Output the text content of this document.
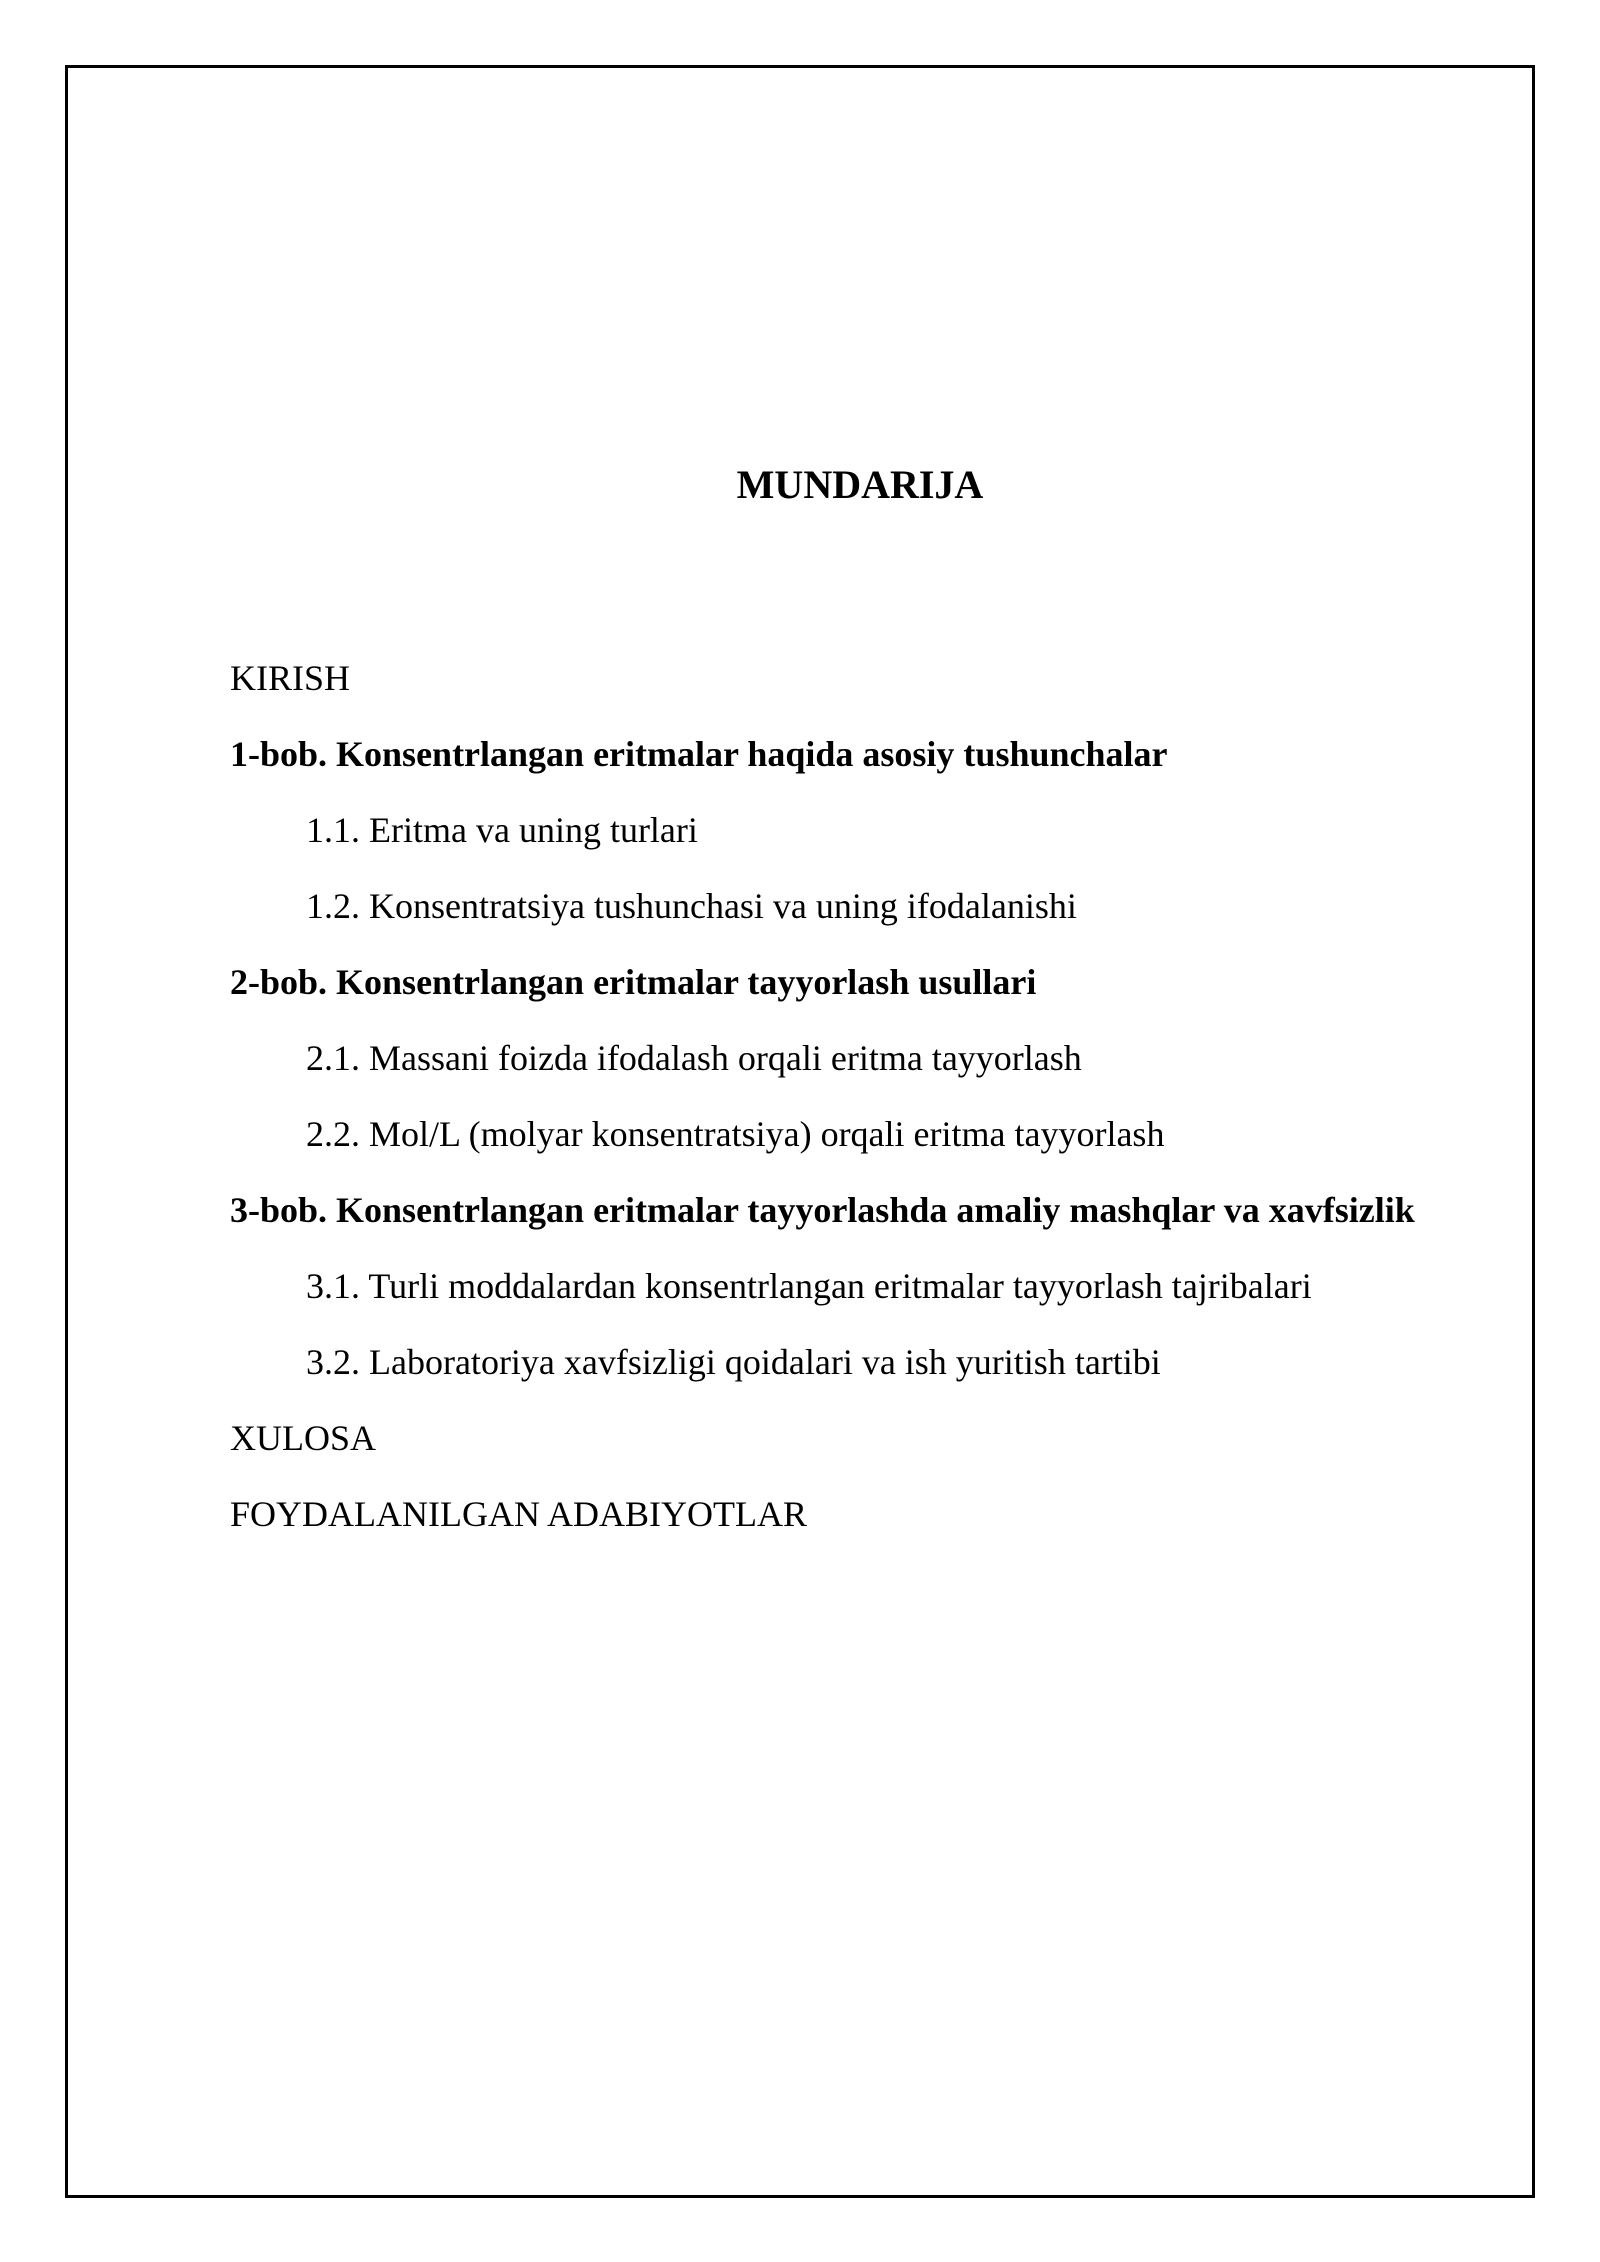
MUNDARIJA
KIRISH
1-bob. Konsentrlangan eritmalar haqida asosiy tushunchalar
1.1. Eritma va uning turlari
1.2. Konsentratsiya tushunchasi va uning ifodalanishi
2-bob. Konsentrlangan eritmalar tayyorlash usullari
2.1. Massani foizda ifodalash orqali eritma tayyorlash
2.2. Mol/L (molyar konsentratsiya) orqali eritma tayyorlash
3-bob. Konsentrlangan eritmalar tayyorlashda amaliy mashqlar va xavfsizlik
3.1. Turli moddalardan konsentrlangan eritmalar tayyorlash tajribalari
3.2. Laboratoriya xavfsizligi qoidalari va ish yuritish tartibi
XULOSA
FOYDALANILGAN ADABIYOTLAR
